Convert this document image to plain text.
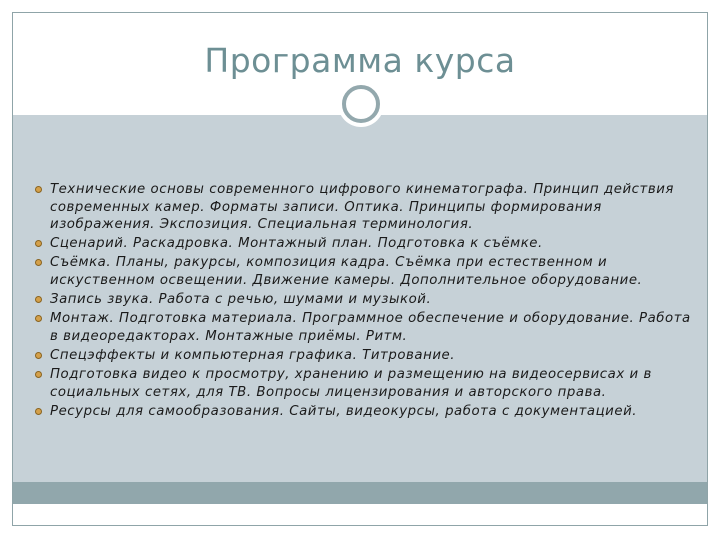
Программа курса
Технические основы современного цифрового кинематографа. Принцип действия современных камер. Форматы записи. Оптика. Принципы формирования изображения. Экспозиция. Специальная терминология.
Сценарий. Раскадровка. Монтажный план. Подготовка к съёмке.
Съёмка. Планы, ракурсы, композиция кадра. Съёмка при естественном и искуственном освещении. Движение камеры. Дополнительное оборудование.
Запись звука. Работа с речью, шумами и музыкой.
Монтаж. Подготовка материала. Программное обеспечение и оборудование. Работа в видеоредакторах. Монтажные приёмы. Ритм.
Спецэффекты и компьютерная графика. Титрование.
Подготовка видео к просмотру, хранению и размещению на видеосервисах и в социальных сетях, для ТВ. Вопросы лицензирования и авторского права.
Ресурсы для самообразования. Сайты, видеокурсы, работа с документацией.
